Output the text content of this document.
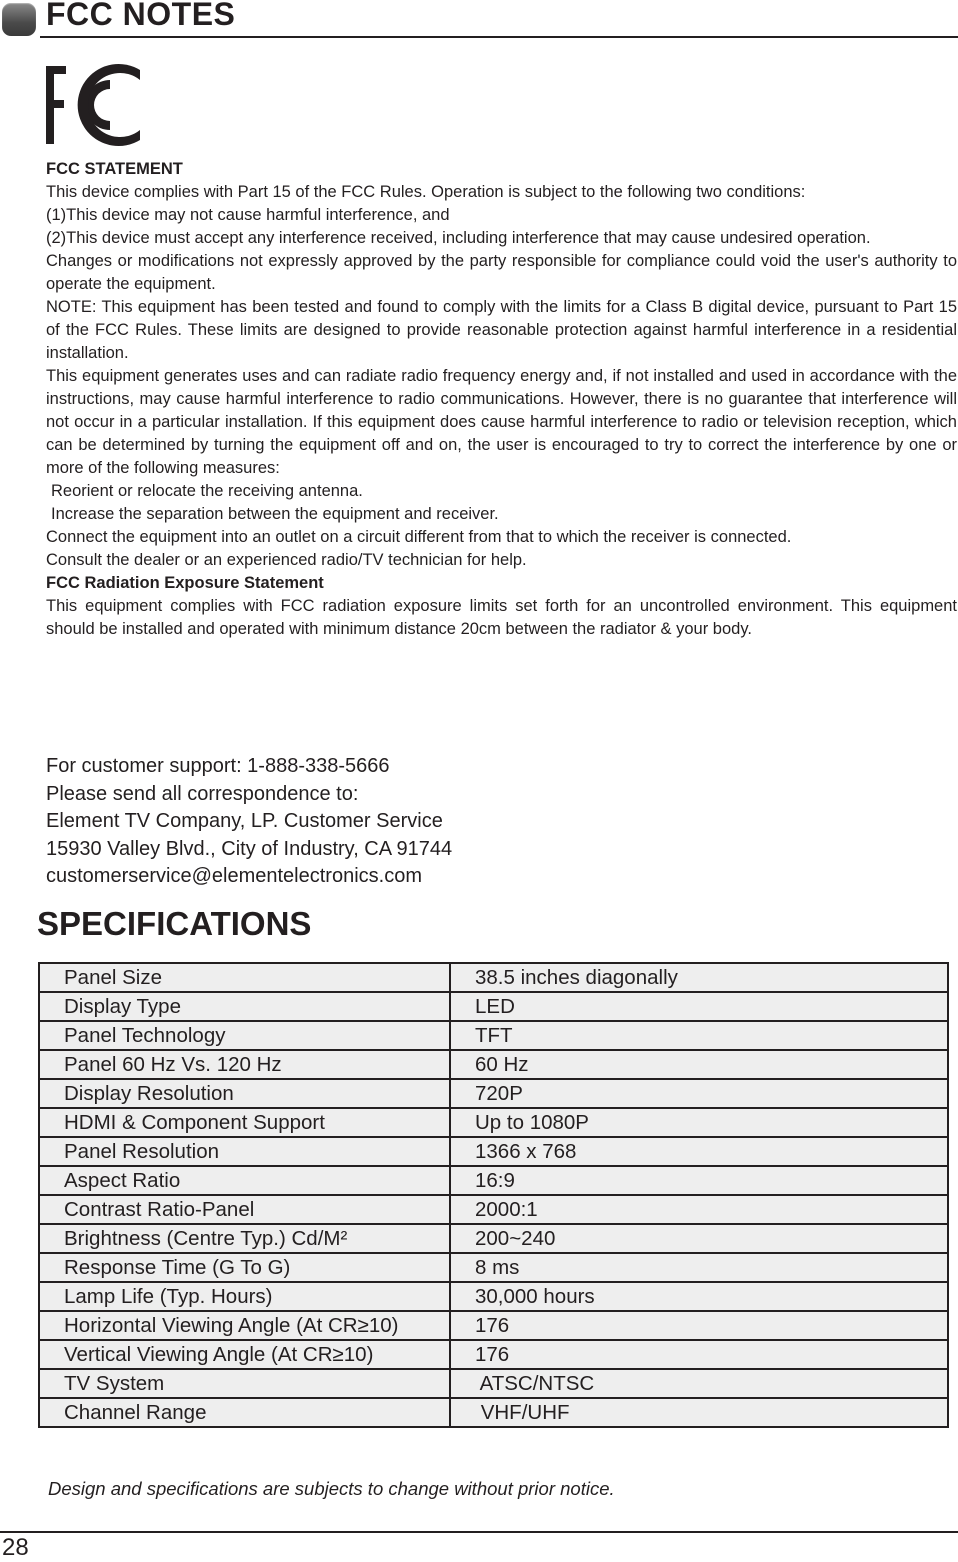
FCC NOTES

FCC STATEMENT

This device complies with Part 15 of the FCC Rules. Operation is subject to the following two conditions:

(1)This device may not cause harmful interference, and

(2)This device must accept any interference received, including interference that may cause undesired operation.

Changes or modifications not expressly approved by the party responsible for compliance could void the user's authority to operate the equipment.

NOTE: This equipment has been tested and found to comply with the limits for a Class B digital device, pursuant to Part 15 of the FCC Rules. These limits are designed to provide reasonable protection against harmful interference in a residential installation.

This equipment generates uses and can radiate radio frequency energy and, if not installed and used in accordance with the instructions, may cause harmful interference to radio communications. However, there is no guarantee that interference will not occur in a particular installation. If this equipment does cause harmful interference to radio or television reception, which can be determined by turning the equipment off and on, the user is encouraged to try to correct the interference by one or more of the following measures:

Reorient or relocate the receiving antenna.

Increase the separation between the equipment and receiver.

Connect the equipment into an outlet on a circuit different from that to which the receiver is connected.

Consult the dealer or an experienced radio/TV technician for help.

FCC Radiation Exposure Statement

This equipment complies with FCC radiation exposure limits set forth for an uncontrolled environment. This equipment should be installed and operated with minimum distance 20cm between the radiator & your body.

For customer support: 1-888-338-5666
Please send all correspondence to:
Element TV Company, LP. Customer Service
15930 Valley Blvd., City of Industry, CA 91744
customerservice@elementelectronics.com
SPECIFICATIONS
Panel Size	38.5 inches diagonally
Display Type	LED
Panel Technology	TFT
Panel 60 Hz Vs. 120 Hz	60 Hz
Display Resolution	720P
HDMI & Component Support	Up to 1080P
Panel Resolution	1366 x 768
Aspect Ratio	16:9
Contrast Ratio-Panel	2000:1
Brightness (Centre Typ.) Cd/M²	200~240
Response Time (G To G)	8 ms
Lamp Life (Typ. Hours)	30,000 hours
Horizontal Viewing Angle (At CR≥10)	176
Vertical Viewing Angle (At CR≥10)	176
TV System	ATSC/NTSC
Channel Range	VHF/UHF
Design and specifications are subjects to change without prior notice.
28
